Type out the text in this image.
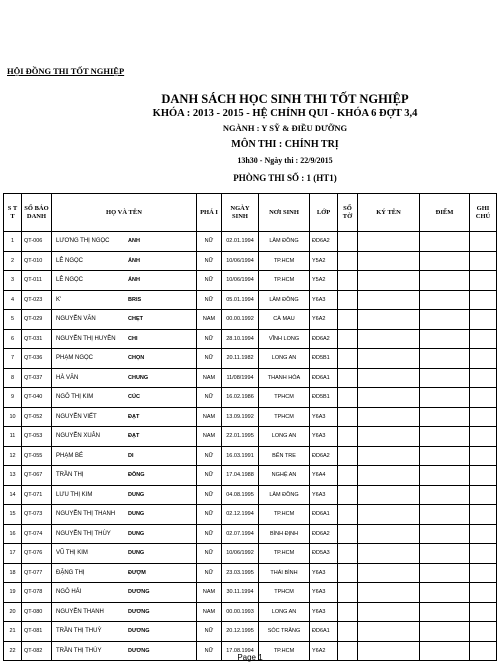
HỘI ĐỒNG THI TỐT NGHIỆP
DANH SÁCH HỌC SINH THI TỐT NGHIỆP
KHÓA : 2013 - 2015 - HỆ CHÍNH QUI - KHÓA 6 ĐỢT 3,4
NGÀNH : Y SỸ & ĐIỀU DƯỠNG
MÔN THI : CHÍNH TRỊ
13h30 - Ngày thi : 22/9/2015
PHÒNG THI SỐ : 1 (HT1)
S T T	SỐ BÁO DANH	HỌ VÀ TÊN	PHÁ I	NGÀY SINH	NƠI SINH	LỚP	SỐ TỜ	KÝ TÊN	ĐIỂM	GHI CHÚ
1	QT-006	LƯƠNG THỊ NGỌC ANH	NỮ	02.01.1994	LÂM ĐỒNG	ĐD6A2				
2	QT-010	LÊ NGỌC ÁNH	NỮ	10/06/1994	TP.HCM	Y5A2				
3	QT-011	LÊ NGỌC ÁNH	NỮ	10/06/1994	TP.HCM	Y5A2				
4	QT-023	K' BRIS	NỮ	05.01.1994	LÂM ĐỒNG	Y6A3				
5	QT-029	NGUYỄN VĂN CHẸT	NAM	00.00.1992	CÀ MAU	Y6A2				
6	QT-031	NGUYỄN THỊ HUYỀN CHI	NỮ	28.10.1994	VĨNH LONG	ĐD6A2				
7	QT-036	PHẠM NGỌC CHỌN	NỮ	20.11.1982	LONG AN	ĐD5B1				
8	QT-037	HÀ VĂN CHUNG	NAM	11/08/1994	THANH HÓA	ĐD6A1				
9	QT-040	NGÔ THỊ KIM CÚC	NỮ	16.02.1986	TPHCM	ĐD5B1				
10	QT-052	NGUYỄN VIẾT ĐẠT	NAM	13.09.1992	TPHCM	Y6A3				
11	QT-053	NGUYỄN XUÂN ĐẠT	NAM	22.01.1995	LONG AN	Y6A3				
12	QT-055	PHẠM BÉ DI	NỮ	16.03.1991	BẾN TRE	ĐD6A2				
13	QT-067	TRẦN THỊ ĐÔNG	NỮ	17.04.1988	NGHỆ AN	Y6A4				
14	QT-071	LƯU THỊ KIM DUNG	NỮ	04.08.1995	LÂM ĐỒNG	Y6A3				
15	QT-073	NGUYỄN THỊ THANH DUNG	NỮ	02.12.1994	TP.HCM	ĐD6A1				
16	QT-074	NGUYỄN THỊ THÙY DUNG	NỮ	02.07.1994	BÌNH ĐỊNH	ĐD6A2				
17	QT-076	VŨ THỊ KIM DUNG	NỮ	10/06/1992	TP.HCM	ĐD5A3				
18	QT-077	ĐẶNG THỊ ĐƯỢM	NỮ	23.03.1995	THÁI BÌNH	Y6A3				
19	QT-078	NGÔ HẢI DƯƠNG	NAM	30.11.1994	TPHCM	Y6A3				
20	QT-080	NGUYỄN THANH DƯƠNG	NAM	00.00.1993	LONG AN	Y6A3				
21	QT-081	TRẦN THỊ THUỲ DƯƠNG	NỮ	20.12.1995	SÓC TRĂNG	ĐD6A1				
22	QT-082	TRẦN THỊ THÙY DƯƠNG	NỮ	17.08.1994	TP.HCM	Y6A2				
Page 1
